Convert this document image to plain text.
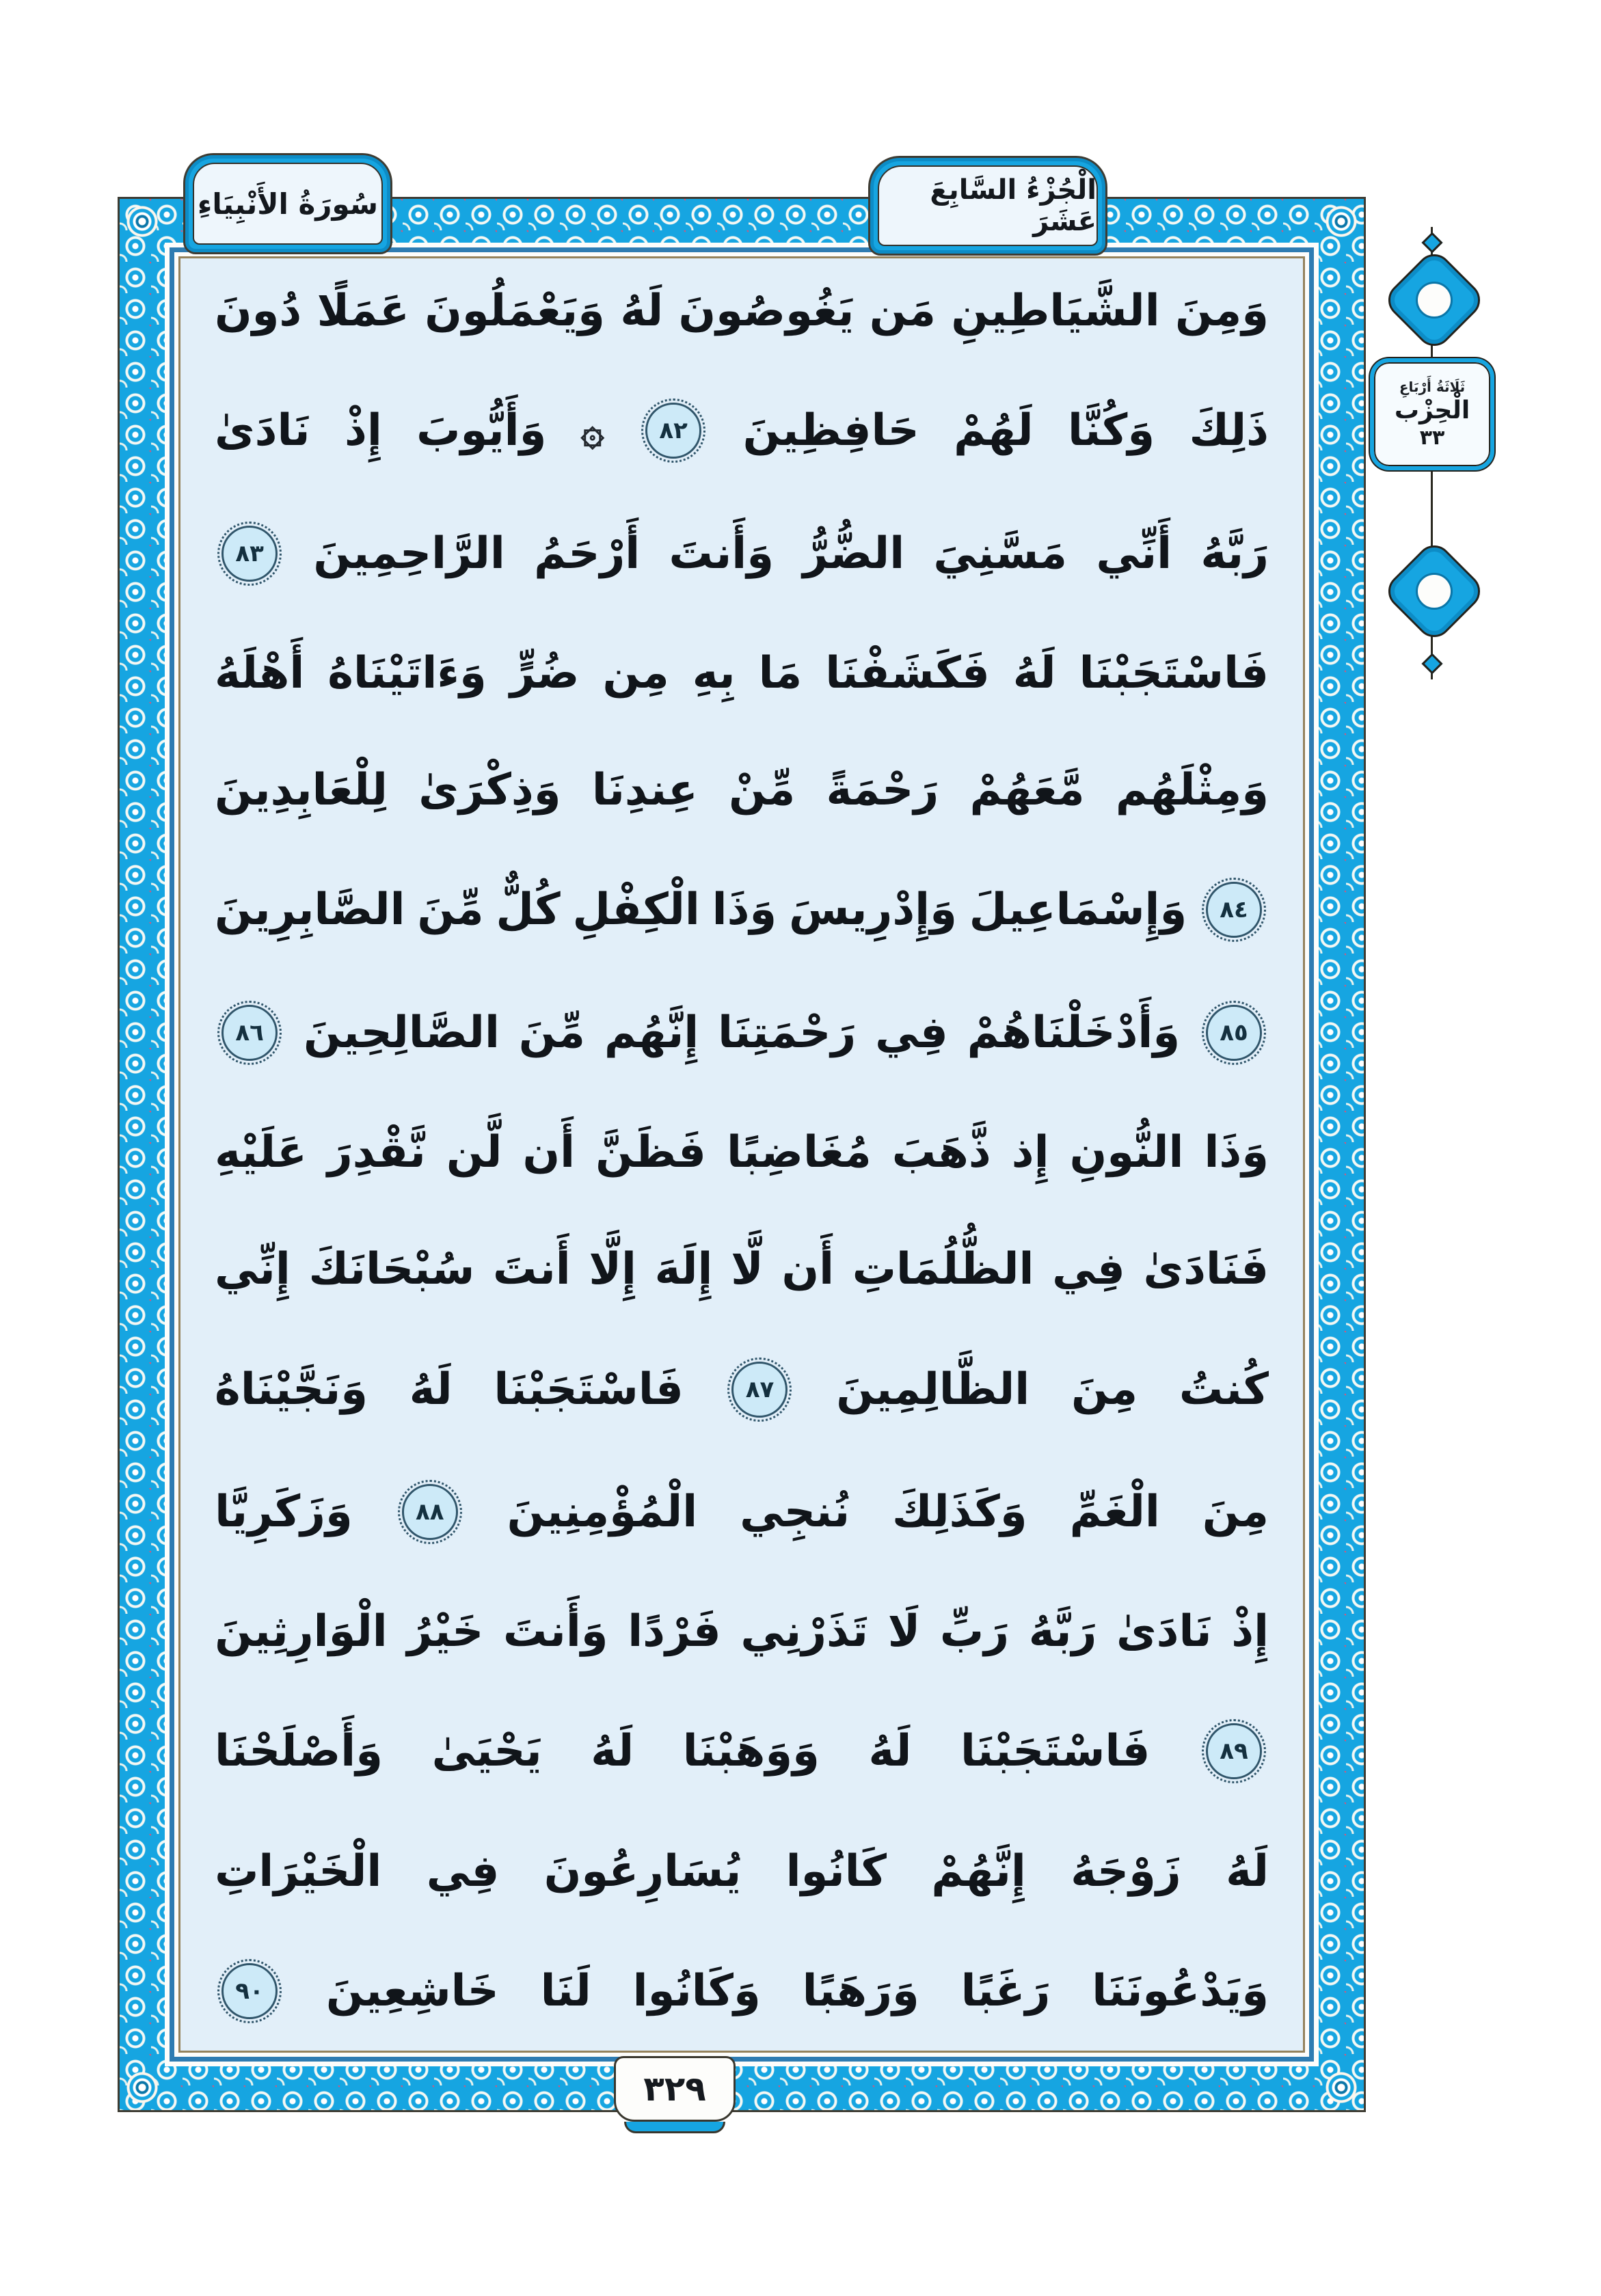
وَمِنَ
الشَّيَاطِينِ
مَن
يَغُوصُونَ
لَهُ
وَيَعْمَلُونَ
عَمَلًا
دُونَ
ذَلِكَ
وَكُنَّا
لَهُمْ
حَافِظِينَ
٨٢
۞
وَأَيُّوبَ
إِذْ
نَادَىٰ
رَبَّهُ
أَنِّي
مَسَّنِيَ
الضُّرُّ
وَأَنتَ
أَرْحَمُ
الرَّاحِمِينَ
٨٣
فَاسْتَجَبْنَا
لَهُ
فَكَشَفْنَا
مَا
بِهِ
مِن
ضُرٍّ
وَءَاتَيْنَاهُ
أَهْلَهُ
وَمِثْلَهُم
مَّعَهُمْ
رَحْمَةً
مِّنْ
عِندِنَا
وَذِكْرَىٰ
لِلْعَابِدِينَ
٨٤
وَإِسْمَاعِيلَ
وَإِدْرِيسَ
وَذَا
الْكِفْلِ
كُلٌّ
مِّنَ
الصَّابِرِينَ
٨٥
وَأَدْخَلْنَاهُمْ
فِي
رَحْمَتِنَا
إِنَّهُم
مِّنَ
الصَّالِحِينَ
٨٦
وَذَا
النُّونِ
إِذ
ذَّهَبَ
مُغَاضِبًا
فَظَنَّ
أَن
لَّن
نَّقْدِرَ
عَلَيْهِ
فَنَادَىٰ
فِي
الظُّلُمَاتِ
أَن
لَّا
إِلَهَ
إِلَّا
أَنتَ
سُبْحَانَكَ
إِنِّي
كُنتُ
مِنَ
الظَّالِمِينَ
٨٧
فَاسْتَجَبْنَا
لَهُ
وَنَجَّيْنَاهُ
مِنَ
الْغَمِّ
وَكَذَلِكَ
نُنجِي
الْمُؤْمِنِينَ
٨٨
وَزَكَرِيَّا
إِذْ
نَادَىٰ
رَبَّهُ
رَبِّ
لَا
تَذَرْنِي
فَرْدًا
وَأَنتَ
خَيْرُ
الْوَارِثِينَ
٨٩
فَاسْتَجَبْنَا
لَهُ
وَوَهَبْنَا
لَهُ
يَحْيَىٰ
وَأَصْلَحْنَا
لَهُ
زَوْجَهُ
إِنَّهُمْ
كَانُوا
يُسَارِعُونَ
فِي
الْخَيْرَاتِ
وَيَدْعُونَنَا
رَغَبًا
وَرَهَبًا
وَكَانُوا
لَنَا
خَاشِعِينَ
٩٠
سُورَةُ الأَنْبِيَاءِ	الْجُزْءُ السَّابِعَ عَشَرَ
ثَلَاثَةُ أَرْبَاعِ
الْحِزْب
٣٣
٣٢٩
